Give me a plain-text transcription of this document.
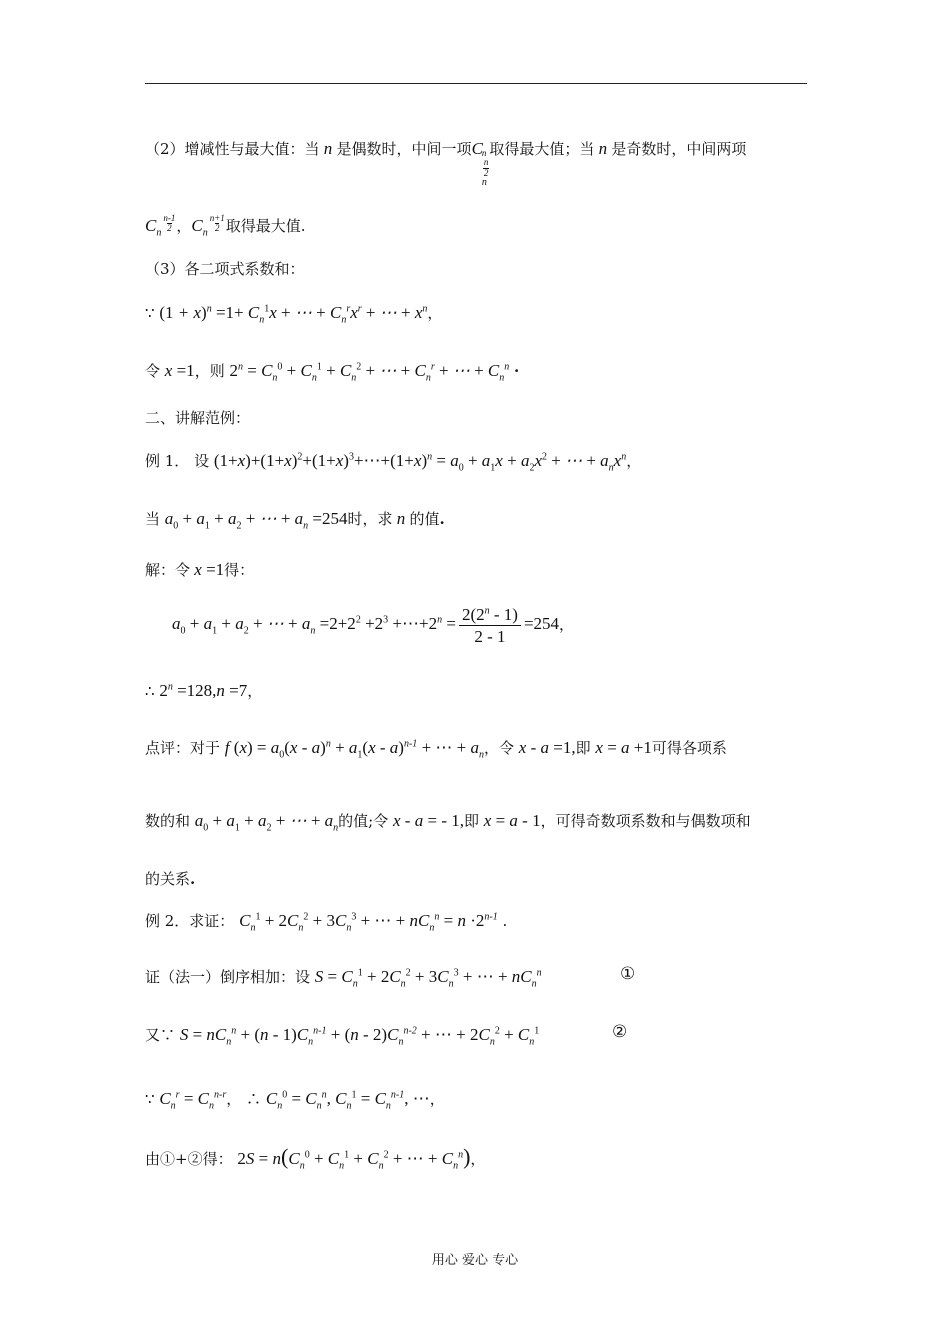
（2）增减性与最大值：当 n 是偶数时，中间一项C n
n
2
n
取得最大值；当 n 是奇数时，中间两项
$C_n \frac{n-1}{2}$ ，$C_n \frac{n+1}{2}$ 取得最大值.
（3）各二项式系数和：
∵ $(1 + x)^n =1+ C_n^1x$ + ⋯ + $C_n^rx^r$ + ⋯ + $x^n$，
令 x =1，则 $2^n = C_n^0 + C_n^1 + C_n^2$ + ⋯ + $C_n^r$ + ⋯ + $C_n^n$ ·
二、讲解范例：
例 1． 设 $(1+x)+(1+x)^2+(1+x)^3+\cdots+(1+x)^n = a_0 + a_1x + a_2x^2$ + ⋯ + $a_nx^n$，
当 $a_0 + a_1 + a_2$ + ⋯ + $a_n =254$时，求 n 的值.
解：令 x =1得：
$a_0 + a_1 + a_2$ + ⋯ + $a_n =2+2^2 +2^3$ $+\cdots+2^n = \frac{2(2^n - 1)}{2 - 1} =254$，
∴ $2^n =128,n =7$，
点评：对于 f $(x) = a_0(x - a)^n + a_1(x - a)^{n-1}$ + ⋯ + $a_n$，令 x - a =1,即 x = a +1可得各项系
数的和 $a_0 + a_1 + a_2$ + ⋯ + $a_n$的值;令 x - a = - 1,即 x = a - 1，可得奇数项系数和与偶数项和
的关系.
例 2．求证： $C_n^1 + 2C_n^2 + 3C_n^3$ + ⋯ + $nC_n^n = n \cdot 2^{n-1}$ .
证（法一）倒序相加：设 $S = C_n^1 + 2C_n^2 + 3C_n^3$ + ⋯ + $nC_n^n$	①
又∵ $S = nC_n^n + (n - 1)C_n^{n-1} + (n - 2)C_n^{n-2}$ + ⋯ + $2C_n^2 + C_n^1$	②
∵ $C_n^r = C_n^{n-r}$， ∴ $C_n^0 = C_n^n$, $C_n^1 = C_n^{n-1}$, ⋯，
由①+②得： $2S = n(C_n^0 + C_n^1 + C_n^2$ + ⋯ + $C_n^n$)，
用心 爱心 专心
